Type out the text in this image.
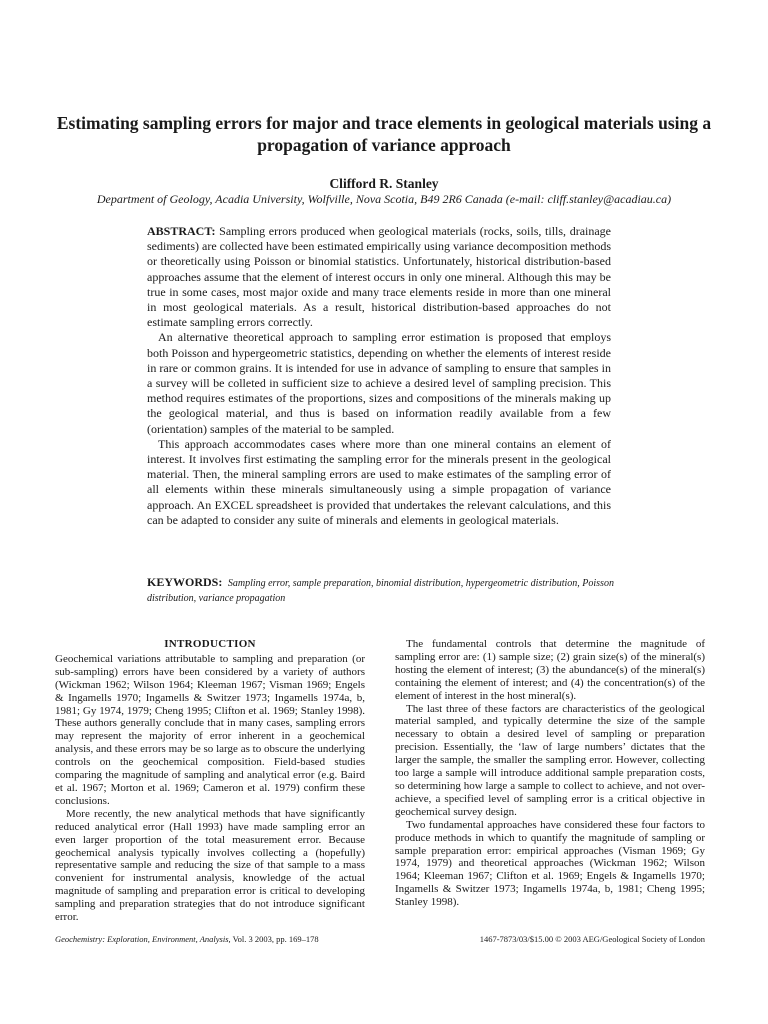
Estimating sampling errors for major and trace elements in geological materials using a propagation of variance approach
Clifford R. Stanley
Department of Geology, Acadia University, Wolfville, Nova Scotia, B49 2R6 Canada (e-mail: cliff.stanley@acadiau.ca)

ABSTRACT: Sampling errors produced when geological materials (rocks, soils, tills, drainage sediments) are collected have been estimated empirically using variance decomposition methods or theoretically using Poisson or binomial statistics. Unfortunately, historical distribution-based approaches assume that the element of interest occurs in only one mineral. Although this may be true in some cases, most major oxide and many trace elements reside in more than one mineral in most geological materials. As a result, historical distribution-based approaches do not estimate sampling errors correctly.

An alternative theoretical approach to sampling error estimation is proposed that employs both Poisson and hypergeometric statistics, depending on whether the elements of interest reside in rare or common grains. It is intended for use in advance of sampling to ensure that samples in a survey will be colleted in sufficient size to achieve a desired level of sampling precision. This method requires estimates of the proportions, sizes and compositions of the minerals making up the geological material, and thus is based on information readily available from a few (orientation) samples of the material to be sampled.

This approach accommodates cases where more than one mineral contains an element of interest. It involves first estimating the sampling error for the minerals present in the geological material. Then, the mineral sampling errors are used to make estimates of the sampling error of all elements within these minerals simultaneously using a simple propagation of variance approach. An EXCEL spreadsheet is provided that undertakes the relevant calculations, and this can be adapted to consider any suite of minerals and elements in geological materials.

KEYWORDS: Sampling error, sample preparation, binomial distribution, hypergeometric distribution, Poisson distribution, variance propagation
INTRODUCTION

Geochemical variations attributable to sampling and preparation (or sub-sampling) errors have been considered by a variety of authors (Wickman 1962; Wilson 1964; Kleeman 1967; Visman 1969; Engels & Ingamells 1970; Ingamells & Switzer 1973; Ingamells 1974a, b, 1981; Gy 1974, 1979; Cheng 1995; Clifton et al. 1969; Stanley 1998). These authors generally conclude that in many cases, sampling errors may represent the majority of error inherent in a geochemical analysis, and these errors may be so large as to obscure the underlying controls on the geochemical composition. Field-based studies comparing the magnitude of sampling and analytical error (e.g. Baird et al. 1967; Morton et al. 1969; Cameron et al. 1979) confirm these conclusions.

More recently, the new analytical methods that have significantly reduced analytical error (Hall 1993) have made sampling error an even larger proportion of the total measurement error. Because geochemical analysis typically involves collecting a (hopefully) representative sample and reducing the size of that sample to a mass convenient for instrumental analysis, knowledge of the actual magnitude of sampling and preparation error is critical to developing sampling and preparation strategies that do not introduce significant error.

The fundamental controls that determine the magnitude of sampling error are: (1) sample size; (2) grain size(s) of the mineral(s) hosting the element of interest; (3) the abundance(s) of the mineral(s) containing the element of interest; and (4) the concentration(s) of the element of interest in the host mineral(s).

The last three of these factors are characteristics of the geological material sampled, and typically determine the size of the sample necessary to obtain a desired level of sampling or preparation precision. Essentially, the ‘law of large numbers’ dictates that the larger the sample, the smaller the sampling error. However, collecting too large a sample will introduce additional sample preparation costs, so determining how large a sample to collect to achieve, and not over-achieve, a specified level of sampling error is a critical objective in geochemical survey design.

Two fundamental approaches have considered these four factors to produce methods in which to quantify the magnitude of sampling or sample preparation error: empirical approaches (Visman 1969; Gy 1974, 1979) and theoretical approaches (Wickman 1962; Wilson 1964; Kleeman 1967; Clifton et al. 1969; Engels & Ingamells 1970; Ingamells & Switzer 1973; Ingamells 1974a, b, 1981; Cheng 1995; Stanley 1998).

Geochemistry: Exploration, Environment, Analysis, Vol. 3 2003, pp. 169–178	1467-7873/03/$15.00 © 2003 AEG/Geological Society of London
